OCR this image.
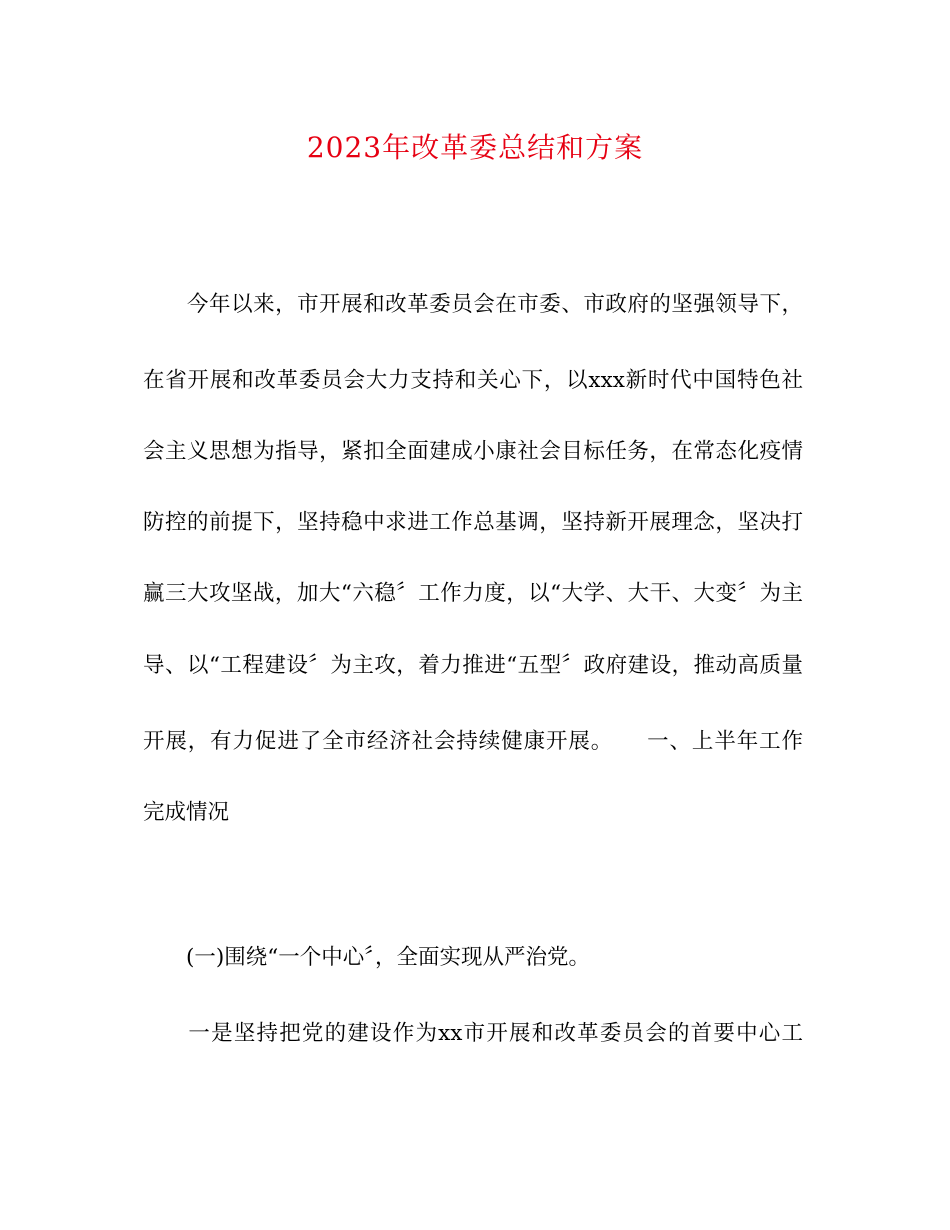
2023年改革委总结和方案
　　今年以来，市开展和改革委员会在市委、市政府的坚强领导下，
在省开展和改革委员会大力支持和关心下，以xxx新时代中国特色社
会主义思想为指导，紧扣全面建成小康社会目标任务，在常态化疫情
防控的前提下，坚持稳中求进工作总基调，坚持新开展理念，坚决打
赢三大攻坚战，加大“六稳〞工作力度，以“大学、大干、大变〞为主
导、以“工程建设〞为主攻，着力推进“五型〞政府建设，推动高质量
开展，有力促进了全市经济社会持续健康开展。　　一、上半年工作
完成情况
　　(一)围绕“一个中心〞，全面实现从严治党。
　　一是坚持把党的建设作为xx市开展和改革委员会的首要中心工
